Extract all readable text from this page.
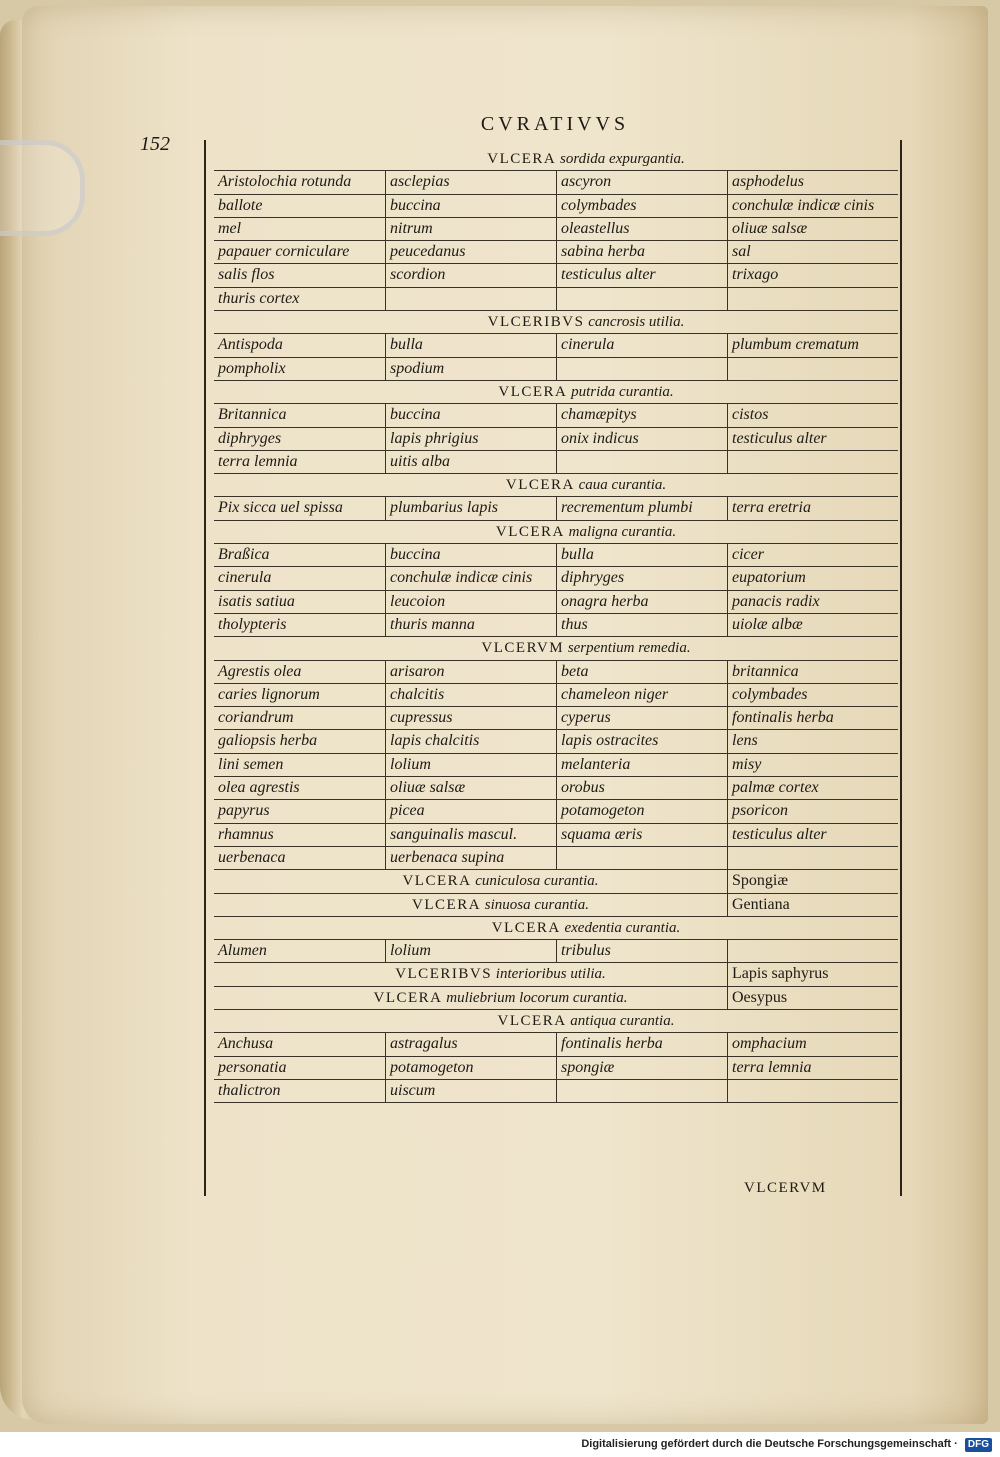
CVRATIVVS
152
VLCERA sordida expurgantia.
Aristolochia rotunda	asclepias	ascyron	asphodelus
ballote	buccina	colymbades	conchulæ indicæ cinis
mel	nitrum	oleastellus	oliuæ salsæ
papauer corniculare	peucedanus	sabina herba	sal
salis flos	scordion	testiculus alter	trixago
thuris cortex
VLCERIBVS cancrosis utilia.
Antispoda	bulla	cinerula	plumbum crematum
pompholix	spodium
VLCERA putrida curantia.
Britannica	buccina	chamæpitys	cistos
diphryges	lapis phrigius	onix indicus	testiculus alter
terra lemnia	uitis alba
VLCERA caua curantia.
Pix sicca uel spissa	plumbarius lapis	recrementum plumbi	terra eretria
VLCERA maligna curantia.
Braßica	buccina	bulla	cicer
cinerula	conchulæ indicæ cinis	diphryges	eupatorium
isatis satiua	leucoion	onagra herba	panacis radix
tholypteris	thuris manna	thus	uiolæ albæ
VLCERVM serpentium remedia.
Agrestis olea	arisaron	beta	britannica
caries lignorum	chalcitis	chameleon niger	colymbades
coriandrum	cupressus	cyperus	fontinalis herba
galiopsis herba	lapis chalcitis	lapis ostracites	lens
lini semen	lolium	melanteria	misy
olea agrestis	oliuæ salsæ	orobus	palmæ cortex
papyrus	picea	potamogeton	psoricon
rhamnus	sanguinalis mascul.	squama æris	testiculus alter
uerbenaca	uerbenaca supina
VLCERA cuniculosa curantia.	Spongiæ
VLCERA sinuosa curantia.	Gentiana
VLCERA exedentia curantia.
Alumen	lolium	tribulus
VLCERIBVS interioribus utilia.	Lapis saphyrus
VLCERA muliebrium locorum curantia.	Oesypus
VLCERA antiqua curantia.
Anchusa	astragalus	fontinalis herba	omphacium
personatia	potamogeton	spongiæ	terra lemnia
thalictron	uiscum
VLCERVM
Digitalisierung gefördert durch die Deutsche Forschungsgemeinschaft · DFG
